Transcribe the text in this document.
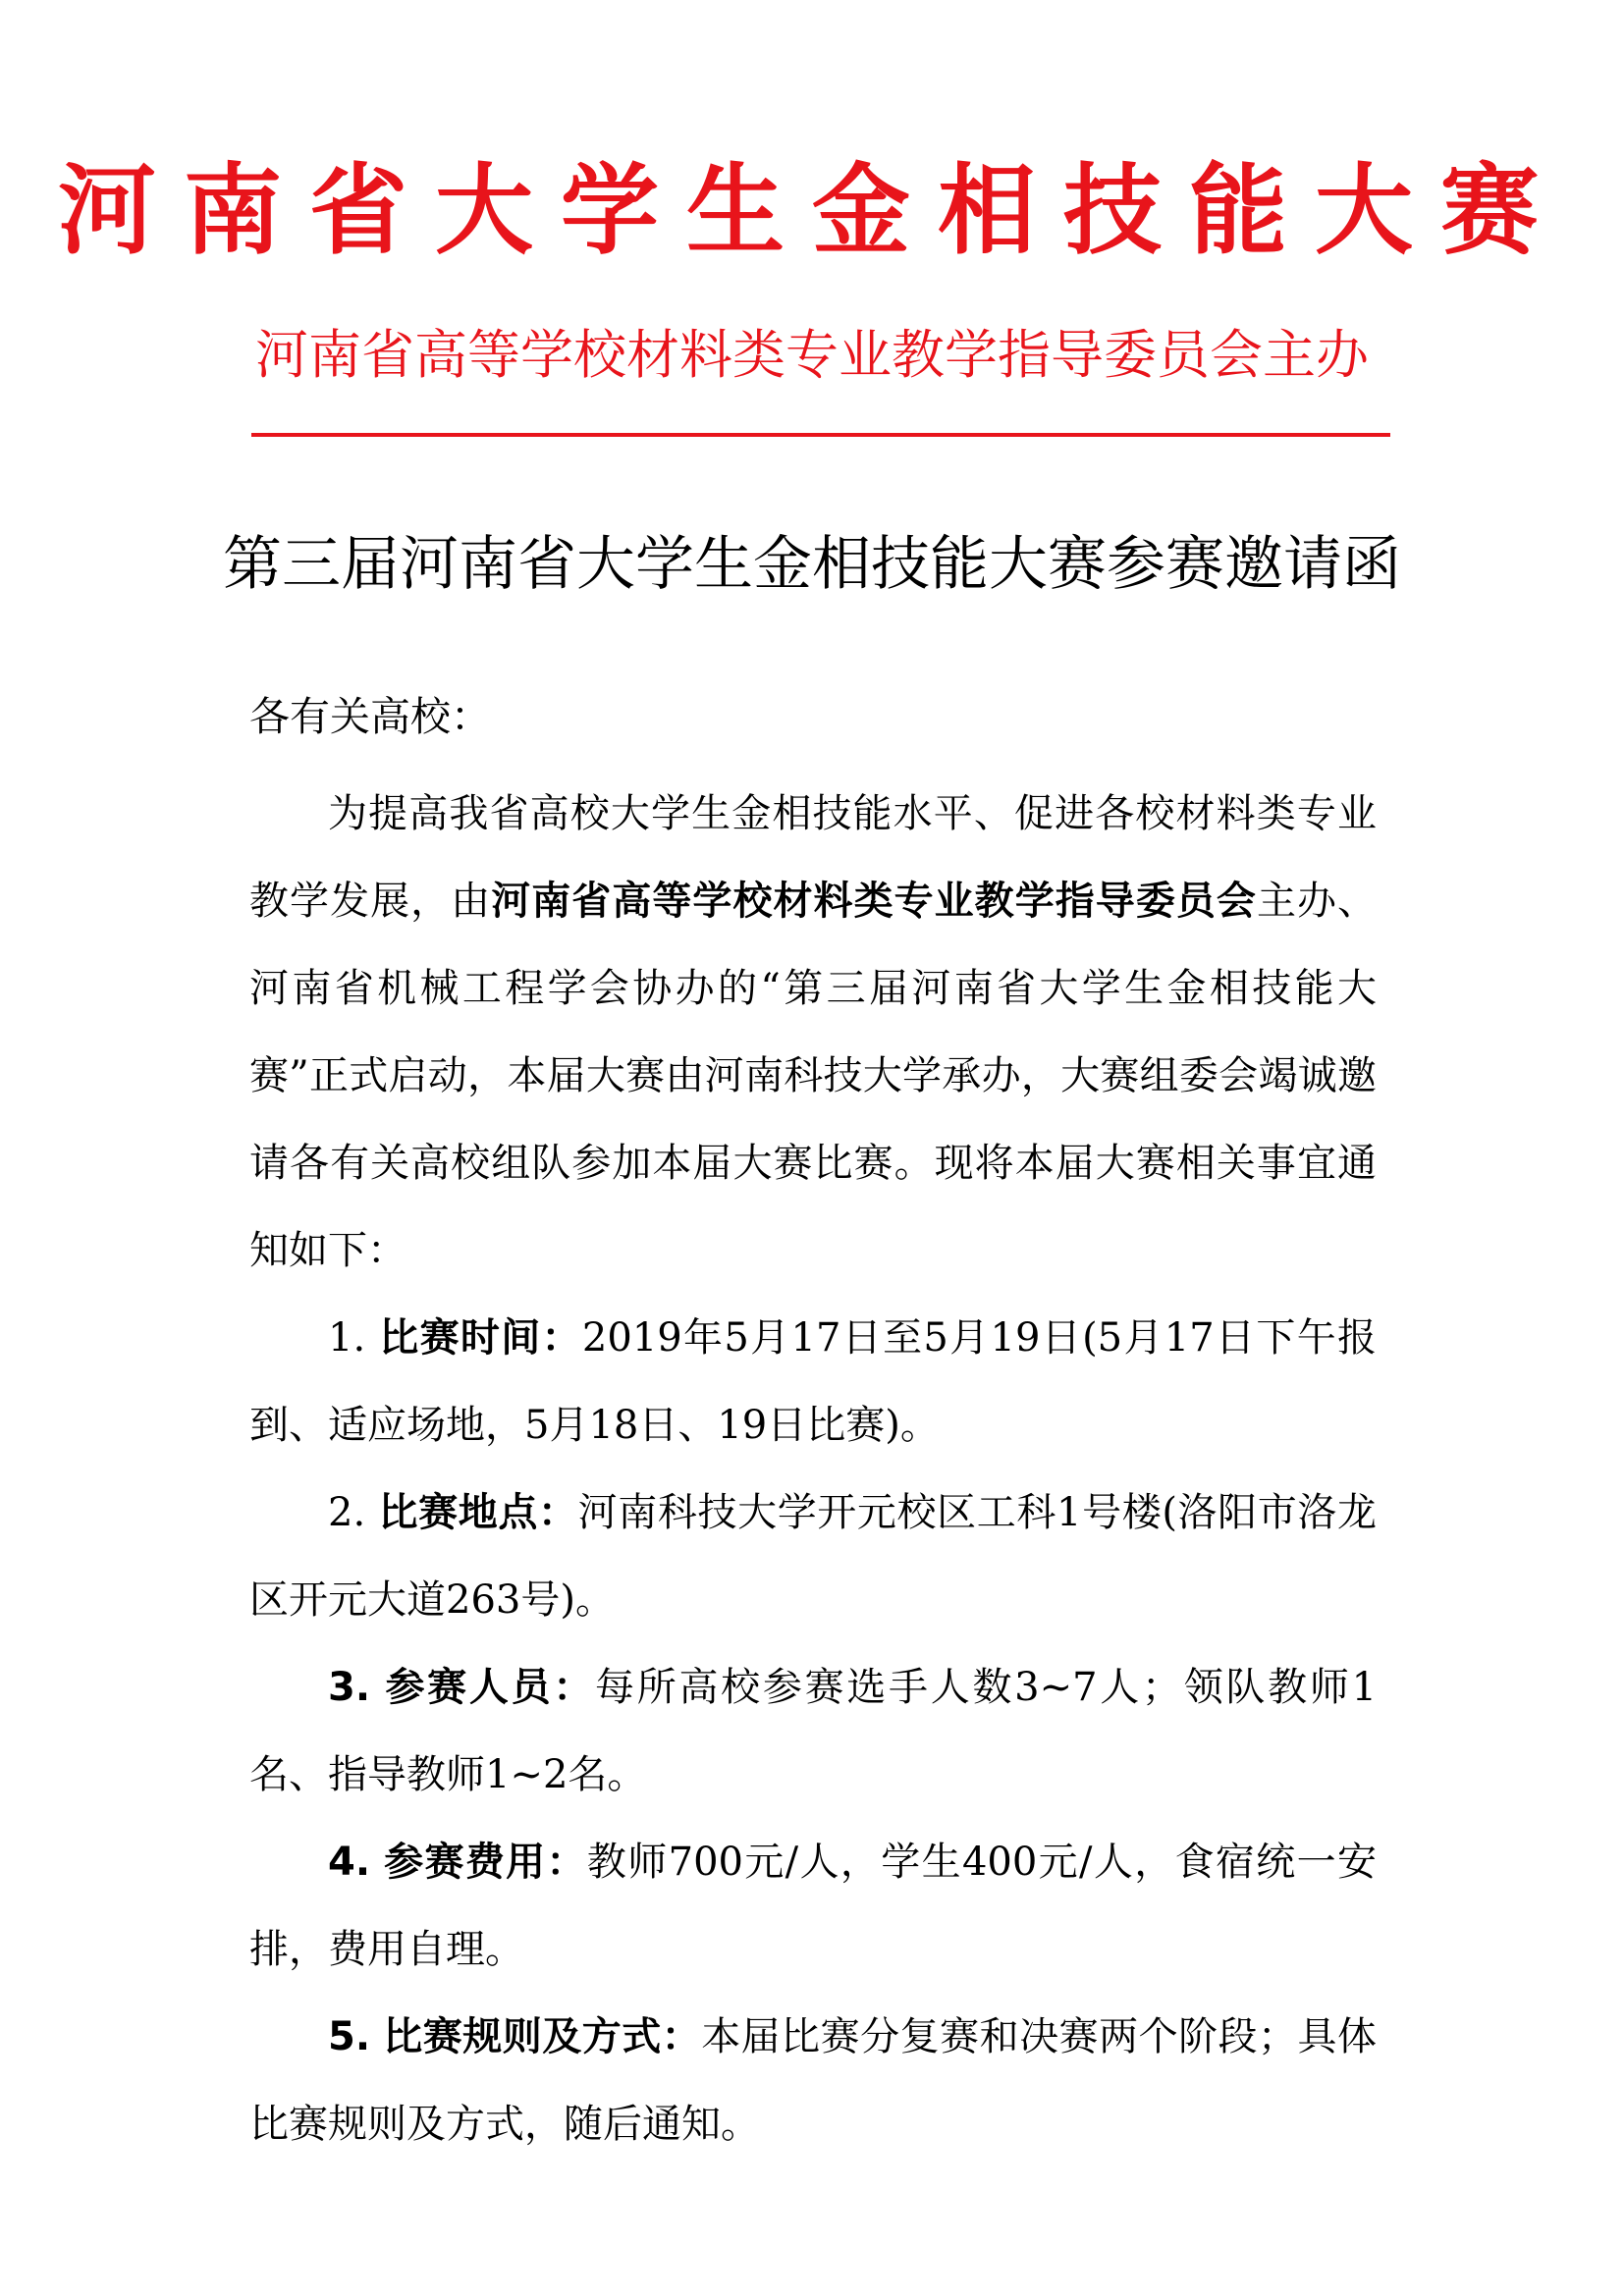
河南省大学生金相技能大赛
河南省高等学校材料类专业教学指导委员会主办
第三届河南省大学生金相技能大赛参赛邀请函
各有关高校：

为提高我省高校大学生金相技能水平、促进各校材料类专业教学发展，由河南省高等学校材料类专业教学指导委员会主办、河南省机械工程学会协办的“第三届河南省大学生金相技能大赛”正式启动，本届大赛由河南科技大学承办，大赛组委会竭诚邀请各有关高校组队参加本届大赛比赛。现将本届大赛相关事宜通知如下：

1. 比赛时间：2019年5月17日至5月19日(5月17日下午报到、适应场地，5月18日、19日比赛)。

2. 比赛地点：河南科技大学开元校区工科1号楼(洛阳市洛龙区开元大道263号)。

3. 参赛人员：每所高校参赛选手人数3~7人；领队教师1名、指导教师1~2名。

4. 参赛费用：教师700元/人，学生400元/人，食宿统一安排，费用自理。

5. 比赛规则及方式：本届比赛分复赛和决赛两个阶段；具体比赛规则及方式，随后通知。
